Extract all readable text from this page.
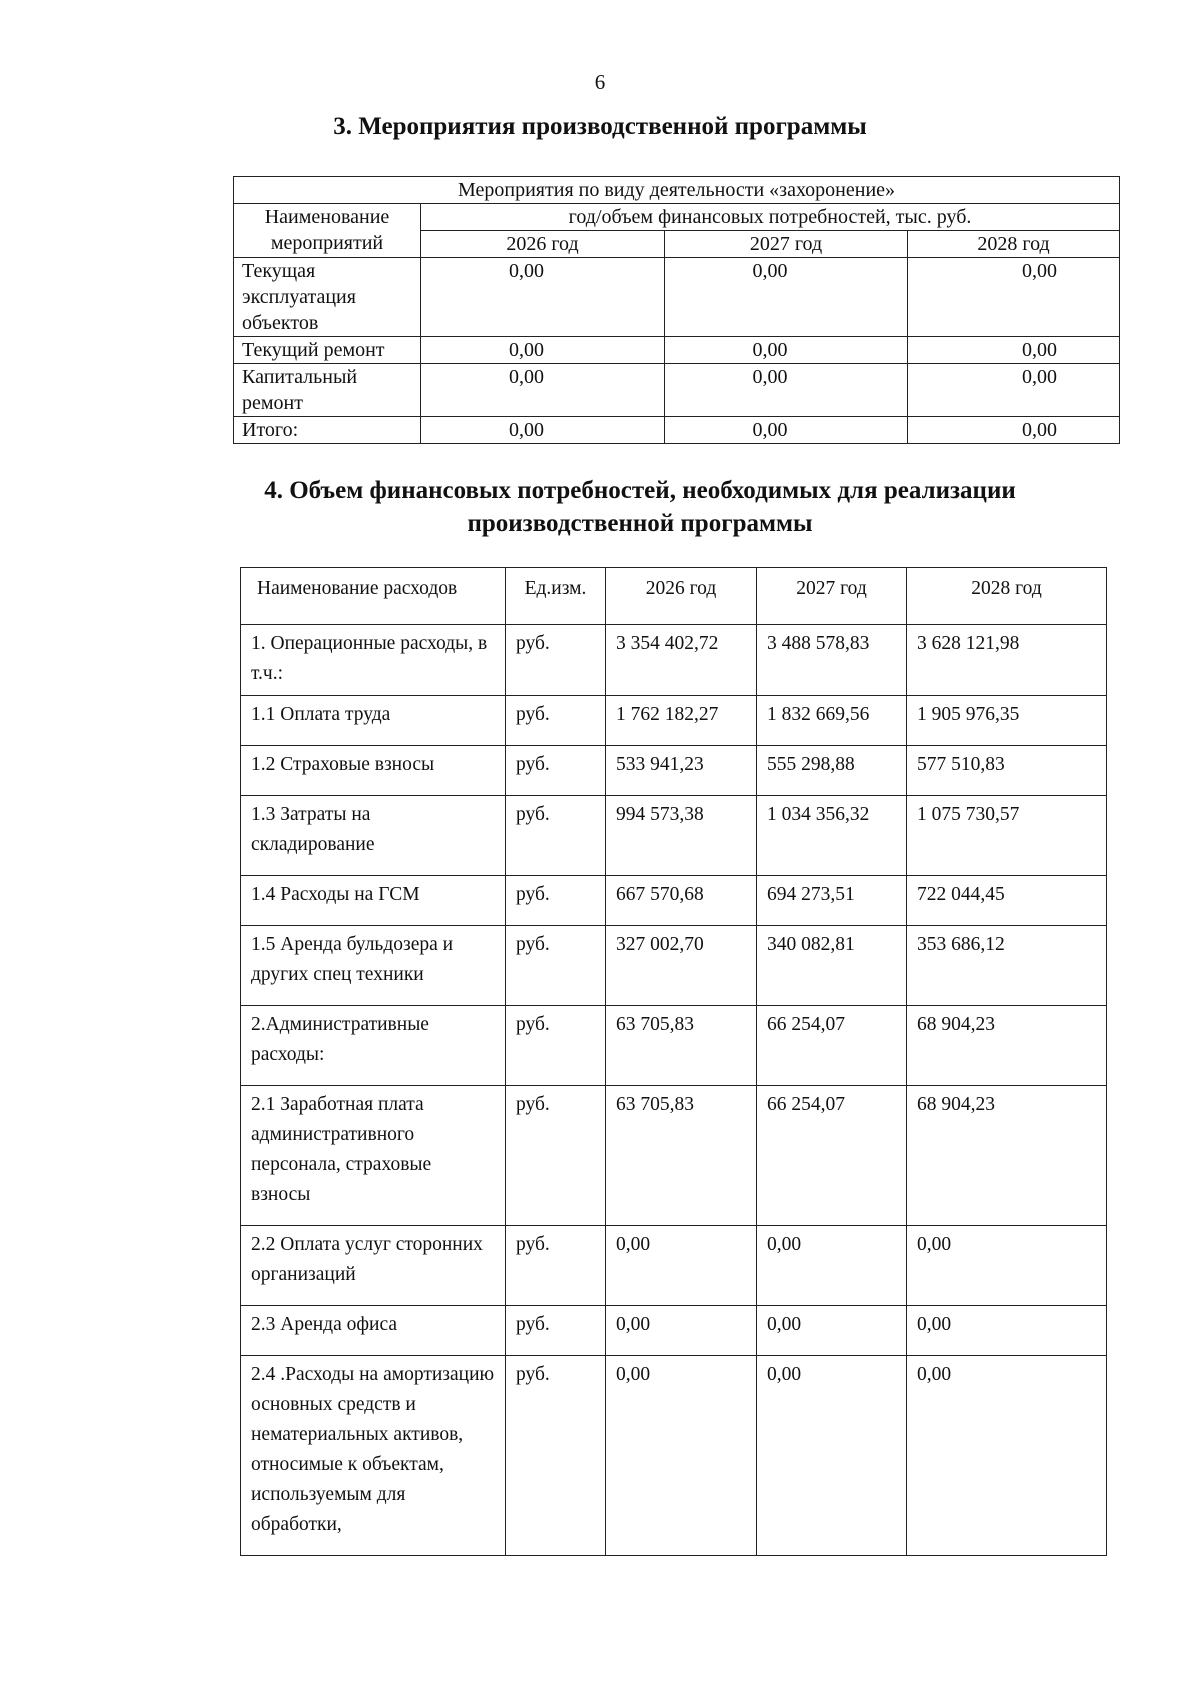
6
3. Мероприятия производственной программы
Мероприятия по виду деятельности «захоронение»			
Наименование мероприятий	год/объем финансовых потребностей, тыс. руб.		
	2026 год	2027 год	2028 год
Текущая эксплуатация объектов	0,00	0,00	0,00
Текущий ремонт	0,00	0,00	0,00
Капитальный ремонт	0,00	0,00	0,00
Итого:	0,00	0,00	0,00
4. Объем финансовых потребностей, необходимых для реализации
производственной программы
Наименование расходов	Ед.изм.	2026 год	2027 год	2028 год
1. Операционные расходы, в т.ч.:	руб.	3 354 402,72	3 488 578,83	3 628 121,98
1.1 Оплата труда	руб.	1 762 182,27	1 832 669,56	1 905 976,35
1.2 Страховые взносы	руб.	533 941,23	555 298,88	577 510,83
1.3 Затраты на складирование	руб.	994 573,38	1 034 356,32	1 075 730,57
1.4 Расходы на ГСМ	руб.	667 570,68	694 273,51	722 044,45
1.5 Аренда бульдозера и других спец техники	руб.	327 002,70	340 082,81	353 686,12
2.Административные расходы:	руб.	63 705,83	66 254,07	68 904,23
2.1 Заработная плата административного персонала, страховые взносы	руб.	63 705,83	66 254,07	68 904,23
2.2 Оплата услуг сторонних организаций	руб.	0,00	0,00	0,00
2.3 Аренда офиса	руб.	0,00	0,00	0,00
2.4 .Расходы на амортизацию основных средств и нематериальных активов, относимые к объектам, используемым для обработки,	руб.	0,00	0,00	0,00
